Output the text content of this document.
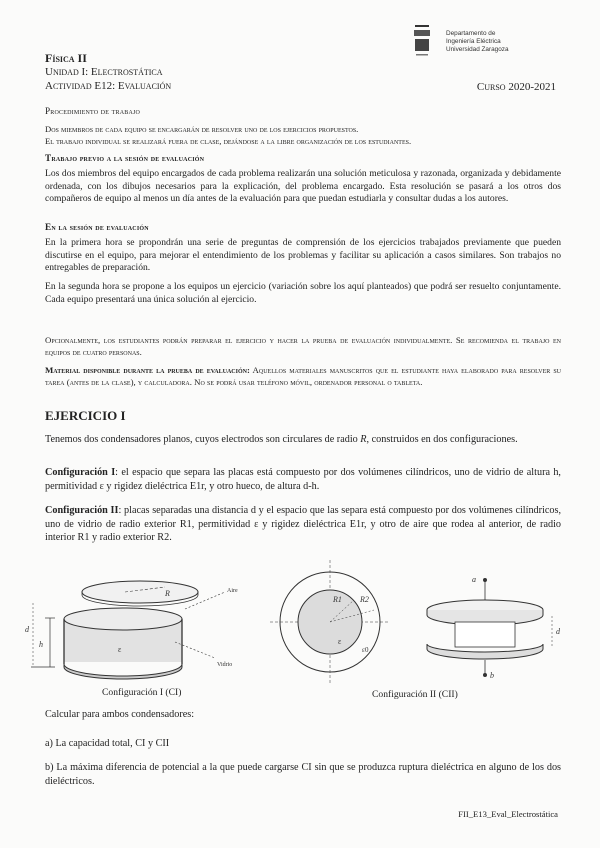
Departamento de
Ingeniería Eléctrica
Universidad Zaragoza
Física II
Unidad I: Electrostática
Actividad E12: Evaluación	Curso 2020-2021
Procedimiento de trabajo
Dos miembros de cada equipo se encargarán de resolver uno de los ejercicios propuestos.
El trabajo individual se realizará fuera de clase, dejándose a la libre organización de los estudiantes.
Trabajo previo a la sesión de evaluación
Los dos miembros del equipo encargados de cada problema realizarán una solución meticulosa y razonada, organizada y debidamente ordenada, con los dibujos necesarios para la explicación, del problema encargado. Esta resolución se pasará a los otros dos compañeros de equipo al menos un día antes de la evaluación para que puedan estudiarla y consultar dudas a los autores.
En la sesión de evaluación
En la primera hora se propondrán una serie de preguntas de comprensión de los ejercicios trabajados previamente que pueden discutirse en el equipo, para mejorar el entendimiento de los problemas y facilitar su aplicación a casos similares. Son trabajos no entregables de preparación.
En la segunda hora se propone a los equipos un ejercicio (variación sobre los aquí planteados) que podrá ser resuelto conjuntamente. Cada equipo presentará una única solución al ejercicio.
Opcionalmente, los estudiantes podrán preparar el ejercicio y hacer la prueba de evaluación individualmente. Se recomienda el trabajo en equipos de cuatro personas.
Material disponible durante la prueba de evaluación: Aquellos materiales manuscritos que el estudiante haya elaborado para resolver su tarea (antes de la clase), y calculadora. No se podrá usar teléfono móvil, ordenador personal o tableta.
EJERCICIO I
Tenemos dos condensadores planos, cuyos electrodos son circulares de radio R, construidos en dos configuraciones.
Configuración I: el espacio que separa las placas está compuesto por dos volúmenes cilíndricos, uno de vidrio de altura h, permitividad ε y rigidez dieléctrica E1r, y otro hueco, de altura d-h.
Configuración II: placas separadas una distancia d y el espacio que las separa está compuesto por dos volúmenes cilíndricos, uno de vidrio de radio exterior R1, permitividad ε y rigidez dieléctrica E1r, y otro de aire que rodea al anterior, de radio interior R1 y radio exterior R2.
R	Aire
Vidrio
d
h
ε
R1 R2
ε
ε0
a
b
d
Configuración I (CI)	Configuración II (CII)
Calcular para ambos condensadores:
a) La capacidad total, CI y CII
b) La máxima diferencia de potencial a la que puede cargarse CI sin que se produzca ruptura dieléctrica en alguno de los dos dieléctricos.
FII_E13_Eval_Electrostática
